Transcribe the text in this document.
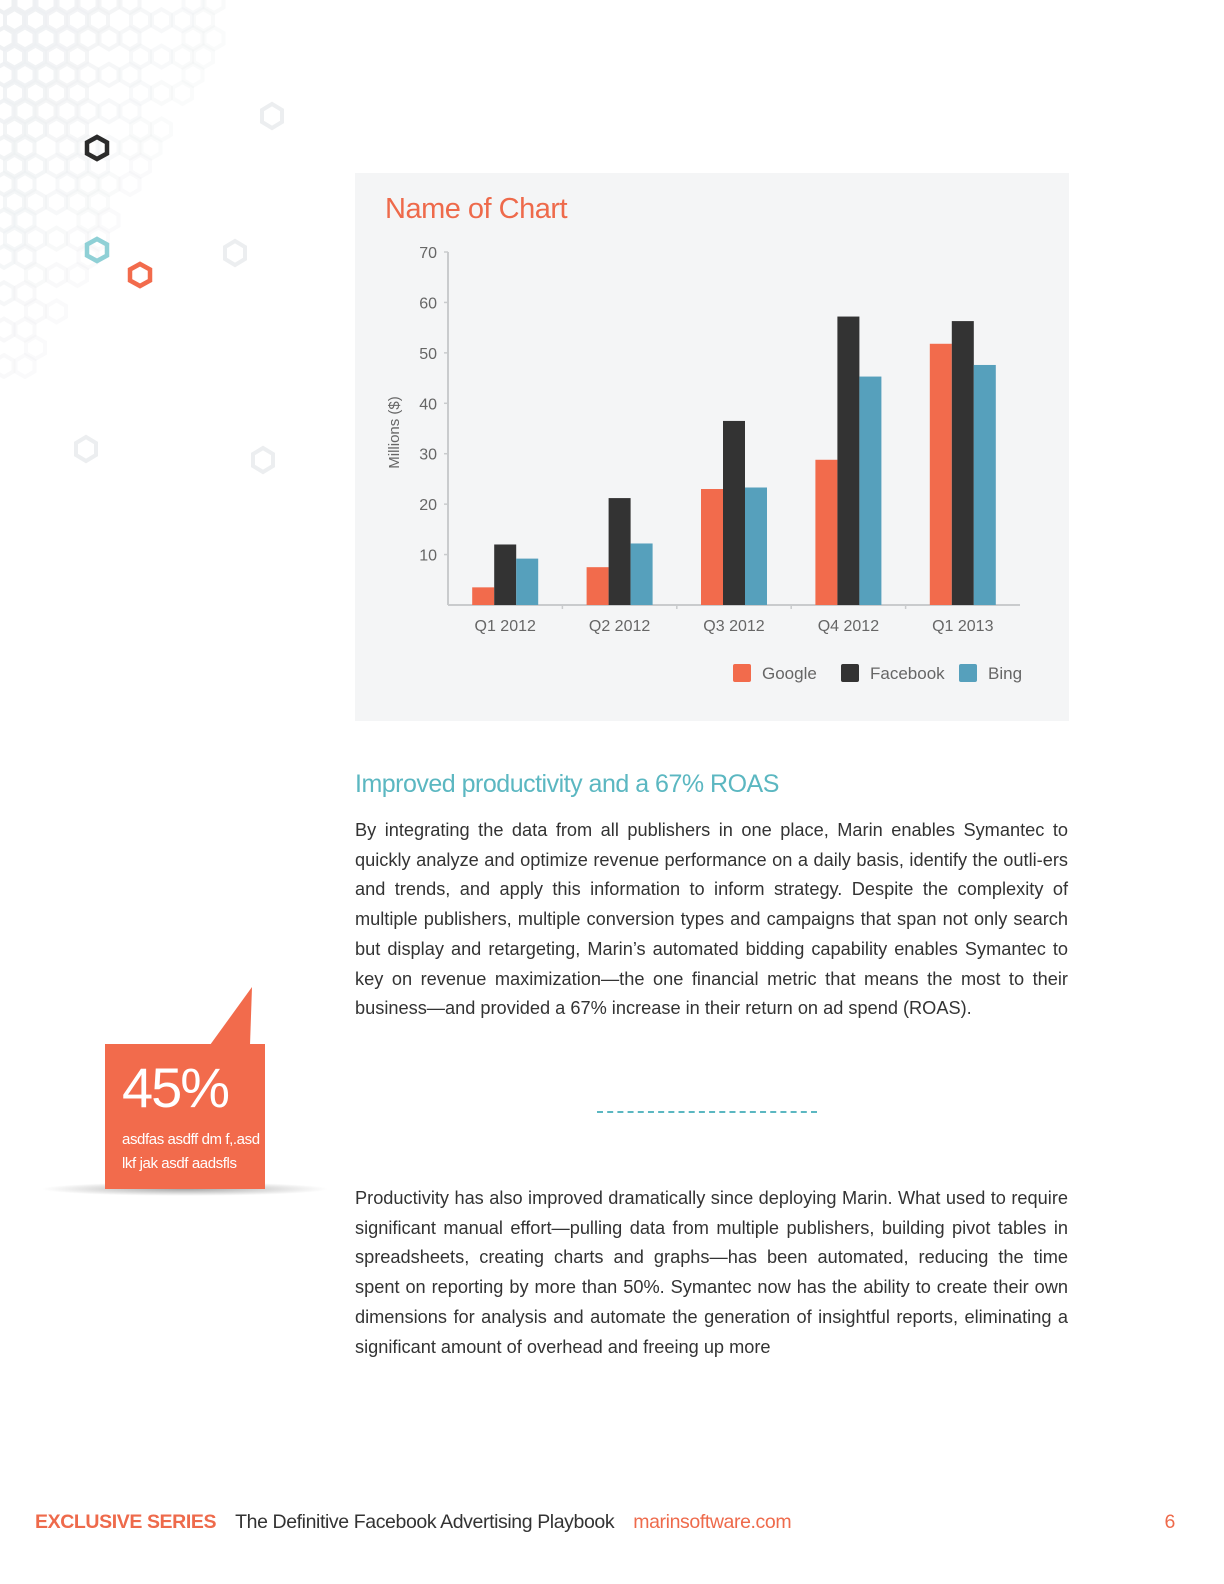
10
20
30
40
50
60
70
Millions ($)
Q1 2012	Q2 2012	Q3 2012	Q4 2012	Q1 2013
Google	Facebook	Bing
Name of Chart
Improved productivity and a 67% ROAS

By integrating the data from all publishers in one place, Marin enables Symantec to quickly analyze and optimize revenue performance on a daily basis, identify the outli-ers and trends, and apply this information to inform strategy. Despite the complexity of multiple publishers, multiple conversion types and campaigns that span not only search but display and retargeting, Marin’s automated bidding capability enables Symantec to key on revenue maximization—the one financial metric that means the most to their business—and provided a 67% increase in their return on ad spend (ROAS).

Productivity has also improved dramatically since deploying Marin. What used to require significant manual effort—pulling data from multiple publishers, building pivot tables in spreadsheets, creating charts and graphs—has been automated, reducing the time spent on reporting by more than 50%. Symantec now has the ability to create their own dimensions for analysis and automate the generation of insightful reports, eliminating a significant amount of overhead and freeing up more

45%
asdfas asdff dm f,.asd lkf jak asdf aadsfls
EXCLUSIVE SERIES The Definitive Facebook Advertising Playbook marinsoftware.com	6
